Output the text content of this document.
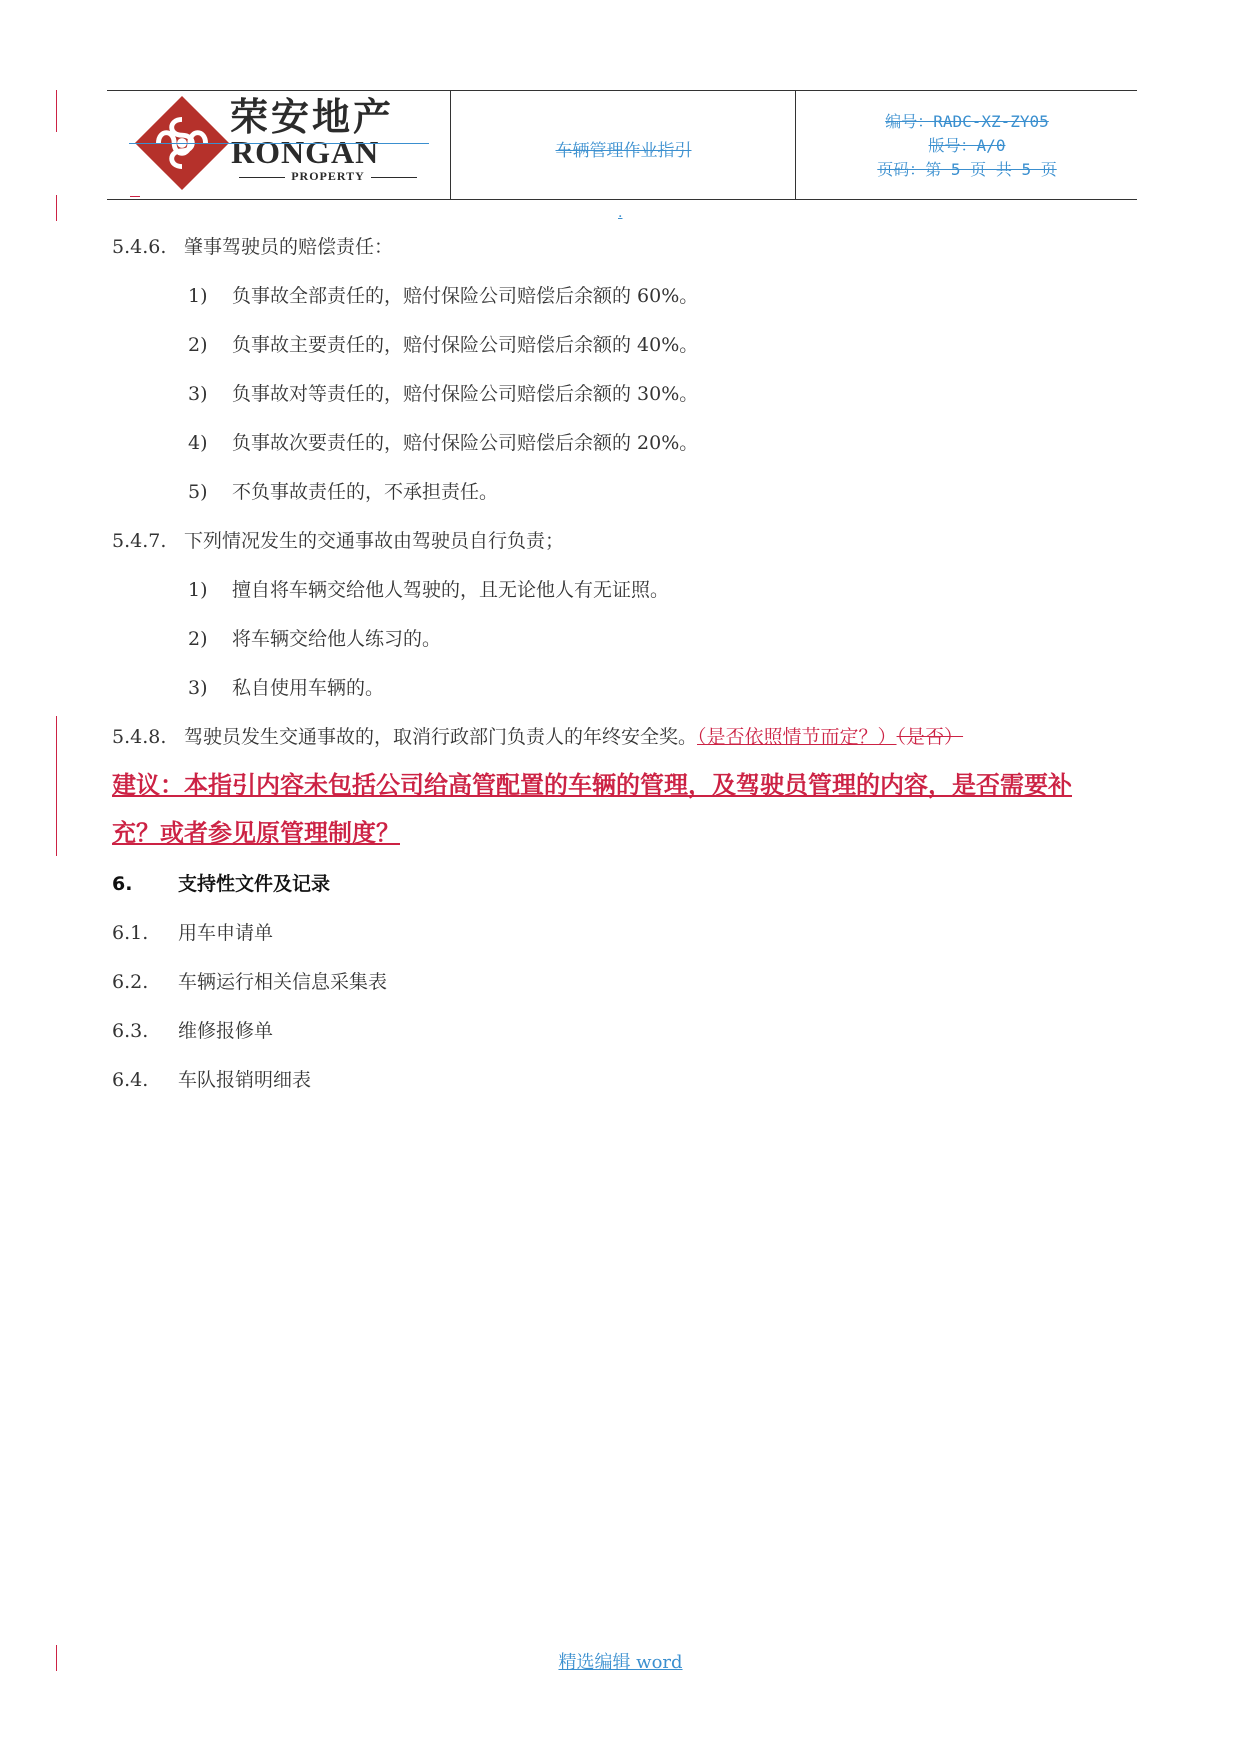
荣安地产
RONGAN
PROPERTY
车辆管理作业指引
编号：RADC-XZ-ZY05
版号：A/0
页码：第 5 页 共 5 页
.
5.4.6. 肇事驾驶员的赔偿责任：
1) 负事故全部责任的，赔付保险公司赔偿后余额的 60%。
2) 负事故主要责任的，赔付保险公司赔偿后余额的 40%。
3) 负事故对等责任的，赔付保险公司赔偿后余额的 30%。
4) 负事故次要责任的，赔付保险公司赔偿后余额的 20%。
5) 不负事故责任的，不承担责任。
5.4.7. 下列情况发生的交通事故由驾驶员自行负责；
1) 擅自将车辆交给他人驾驶的，且无论他人有无证照。
2) 将车辆交给他人练习的。
3) 私自使用车辆的。
5.4.8. 驾驶员发生交通事故的，取消行政部门负责人的年终安全奖。（是否依照情节而定？）（是否）
建议：本指引内容未包括公司给高管配置的车辆的管理，及驾驶员管理的内容，是否需要补
充？或者参见原管理制度？
6. 支持性文件及记录
6.1. 用车申请单
6.2. 车辆运行相关信息采集表
6.3. 维修报修单
6.4. 车队报销明细表
精选编辑 word
